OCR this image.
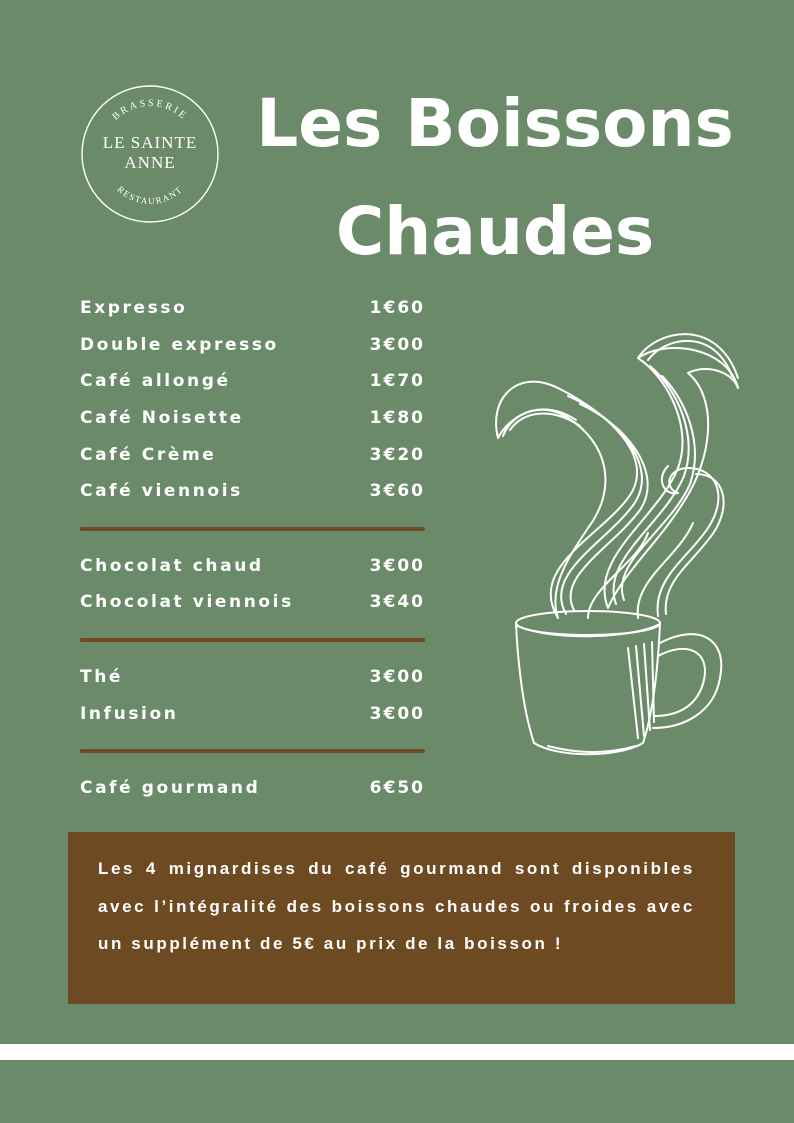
BRASSERIE
LE SAINTE
ANNE
RESTAURANT
Les Boissons
Chaudes
Expresso	1€60
Double expresso	3€00
Café allongé	1€70
Café Noisette	1€80
Café Crème	3€20
Café viennois	3€60
Chocolat chaud	3€00
Chocolat viennois	3€40
Thé	3€00
Infusion	3€00
Café gourmand	6€50
Les 4 mignardises du café gourmand sont disponibles avec l’intégralité des boissons chaudes ou froides avec un supplément de 5€ au prix de la boisson !
